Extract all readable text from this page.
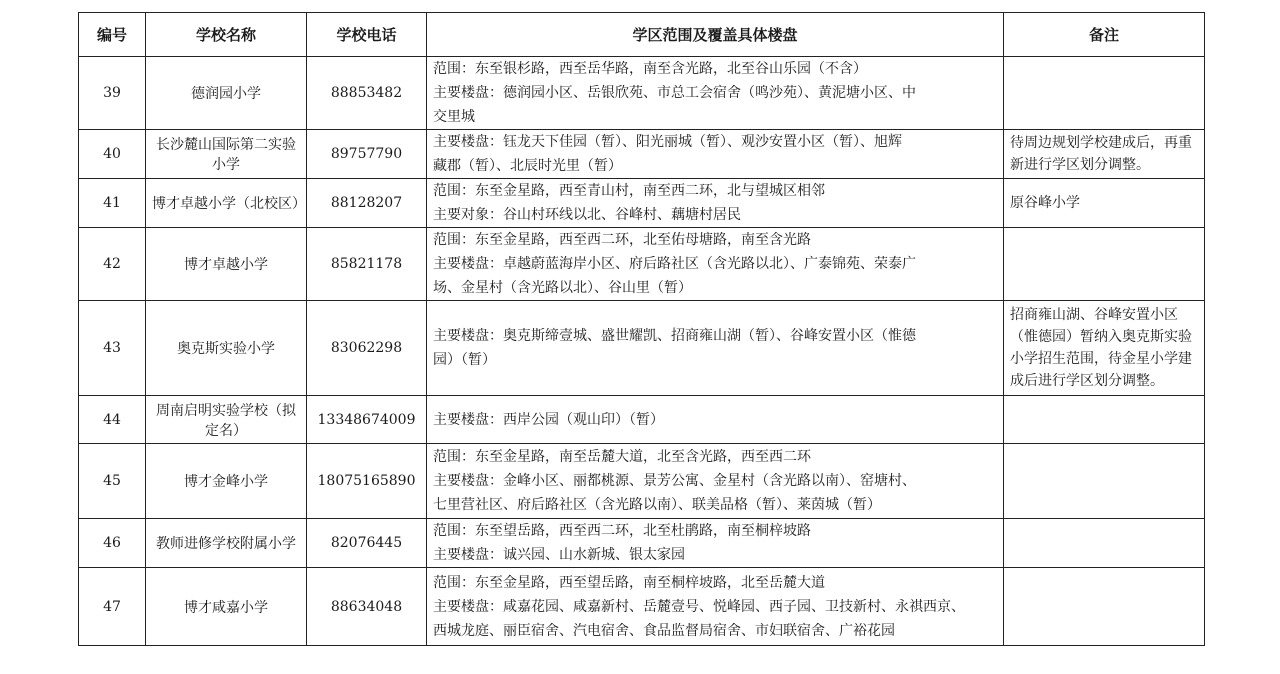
编号	学校名称	学校电话	学区范围及覆盖具体楼盘	备注
39	德润园小学	88853482	范围：东至银杉路，西至岳华路，南至含光路，北至谷山乐园（不含）
主要楼盘：德润园小区、岳银欣苑、市总工会宿舍（鸣沙苑）、黄泥塘小区、中
交里城	

40	长沙麓山国际第二实验小学	89757790	主要楼盘：钰龙天下佳园（暂）、阳光丽城（暂）、观沙安置小区（暂）、旭辉
藏郡（暂）、北辰时光里（暂）	待周边规划学校建成后，再重新进行学区划分调整。
41	博才卓越小学（北校区）	88128207	范围：东至金星路，西至青山村，南至西二环，北与望城区相邻
主要对象：谷山村环线以北、谷峰村、藕塘村居民	原谷峰小学
42	博才卓越小学	85821178	范围：东至金星路，西至西二环，北至佑母塘路，南至含光路
主要楼盘：卓越蔚蓝海岸小区、府后路社区（含光路以北）、广泰锦苑、荣泰广
场、金星村（含光路以北）、谷山里（暂）	

43	奥克斯实验小学	83062298	主要楼盘：奥克斯缔壹城、盛世耀凯、招商雍山湖（暂）、谷峰安置小区（惟德
园）（暂）	招商雍山湖、谷峰安置小区（惟德园）暂纳入奥克斯实验小学招生范围，待金星小学建成后进行学区划分调整。
44	周南启明实验学校（拟定名）	13348674009	主要楼盘：西岸公园（观山印）（暂）	

45	博才金峰小学	18075165890	范围：东至金星路，南至岳麓大道，北至含光路，西至西二环
主要楼盘：金峰小区、丽都桃源、景芳公寓、金星村（含光路以南）、窑塘村、
七里营社区、府后路社区（含光路以南）、联美品格（暂）、莱茵城（暂）	

46	教师进修学校附属小学	82076445	范围：东至望岳路，西至西二环，北至杜鹃路，南至桐梓坡路
主要楼盘：诚兴园、山水新城、银太家园	

47	博才咸嘉小学	88634048	范围：东至金星路，西至望岳路，南至桐梓坡路，北至岳麓大道
主要楼盘：咸嘉花园、咸嘉新村、岳麓壹号、悦峰园、西子园、卫技新村、永祺西京、
西城龙庭、丽臣宿舍、汽电宿舍、食品监督局宿舍、市妇联宿舍、广裕花园	
